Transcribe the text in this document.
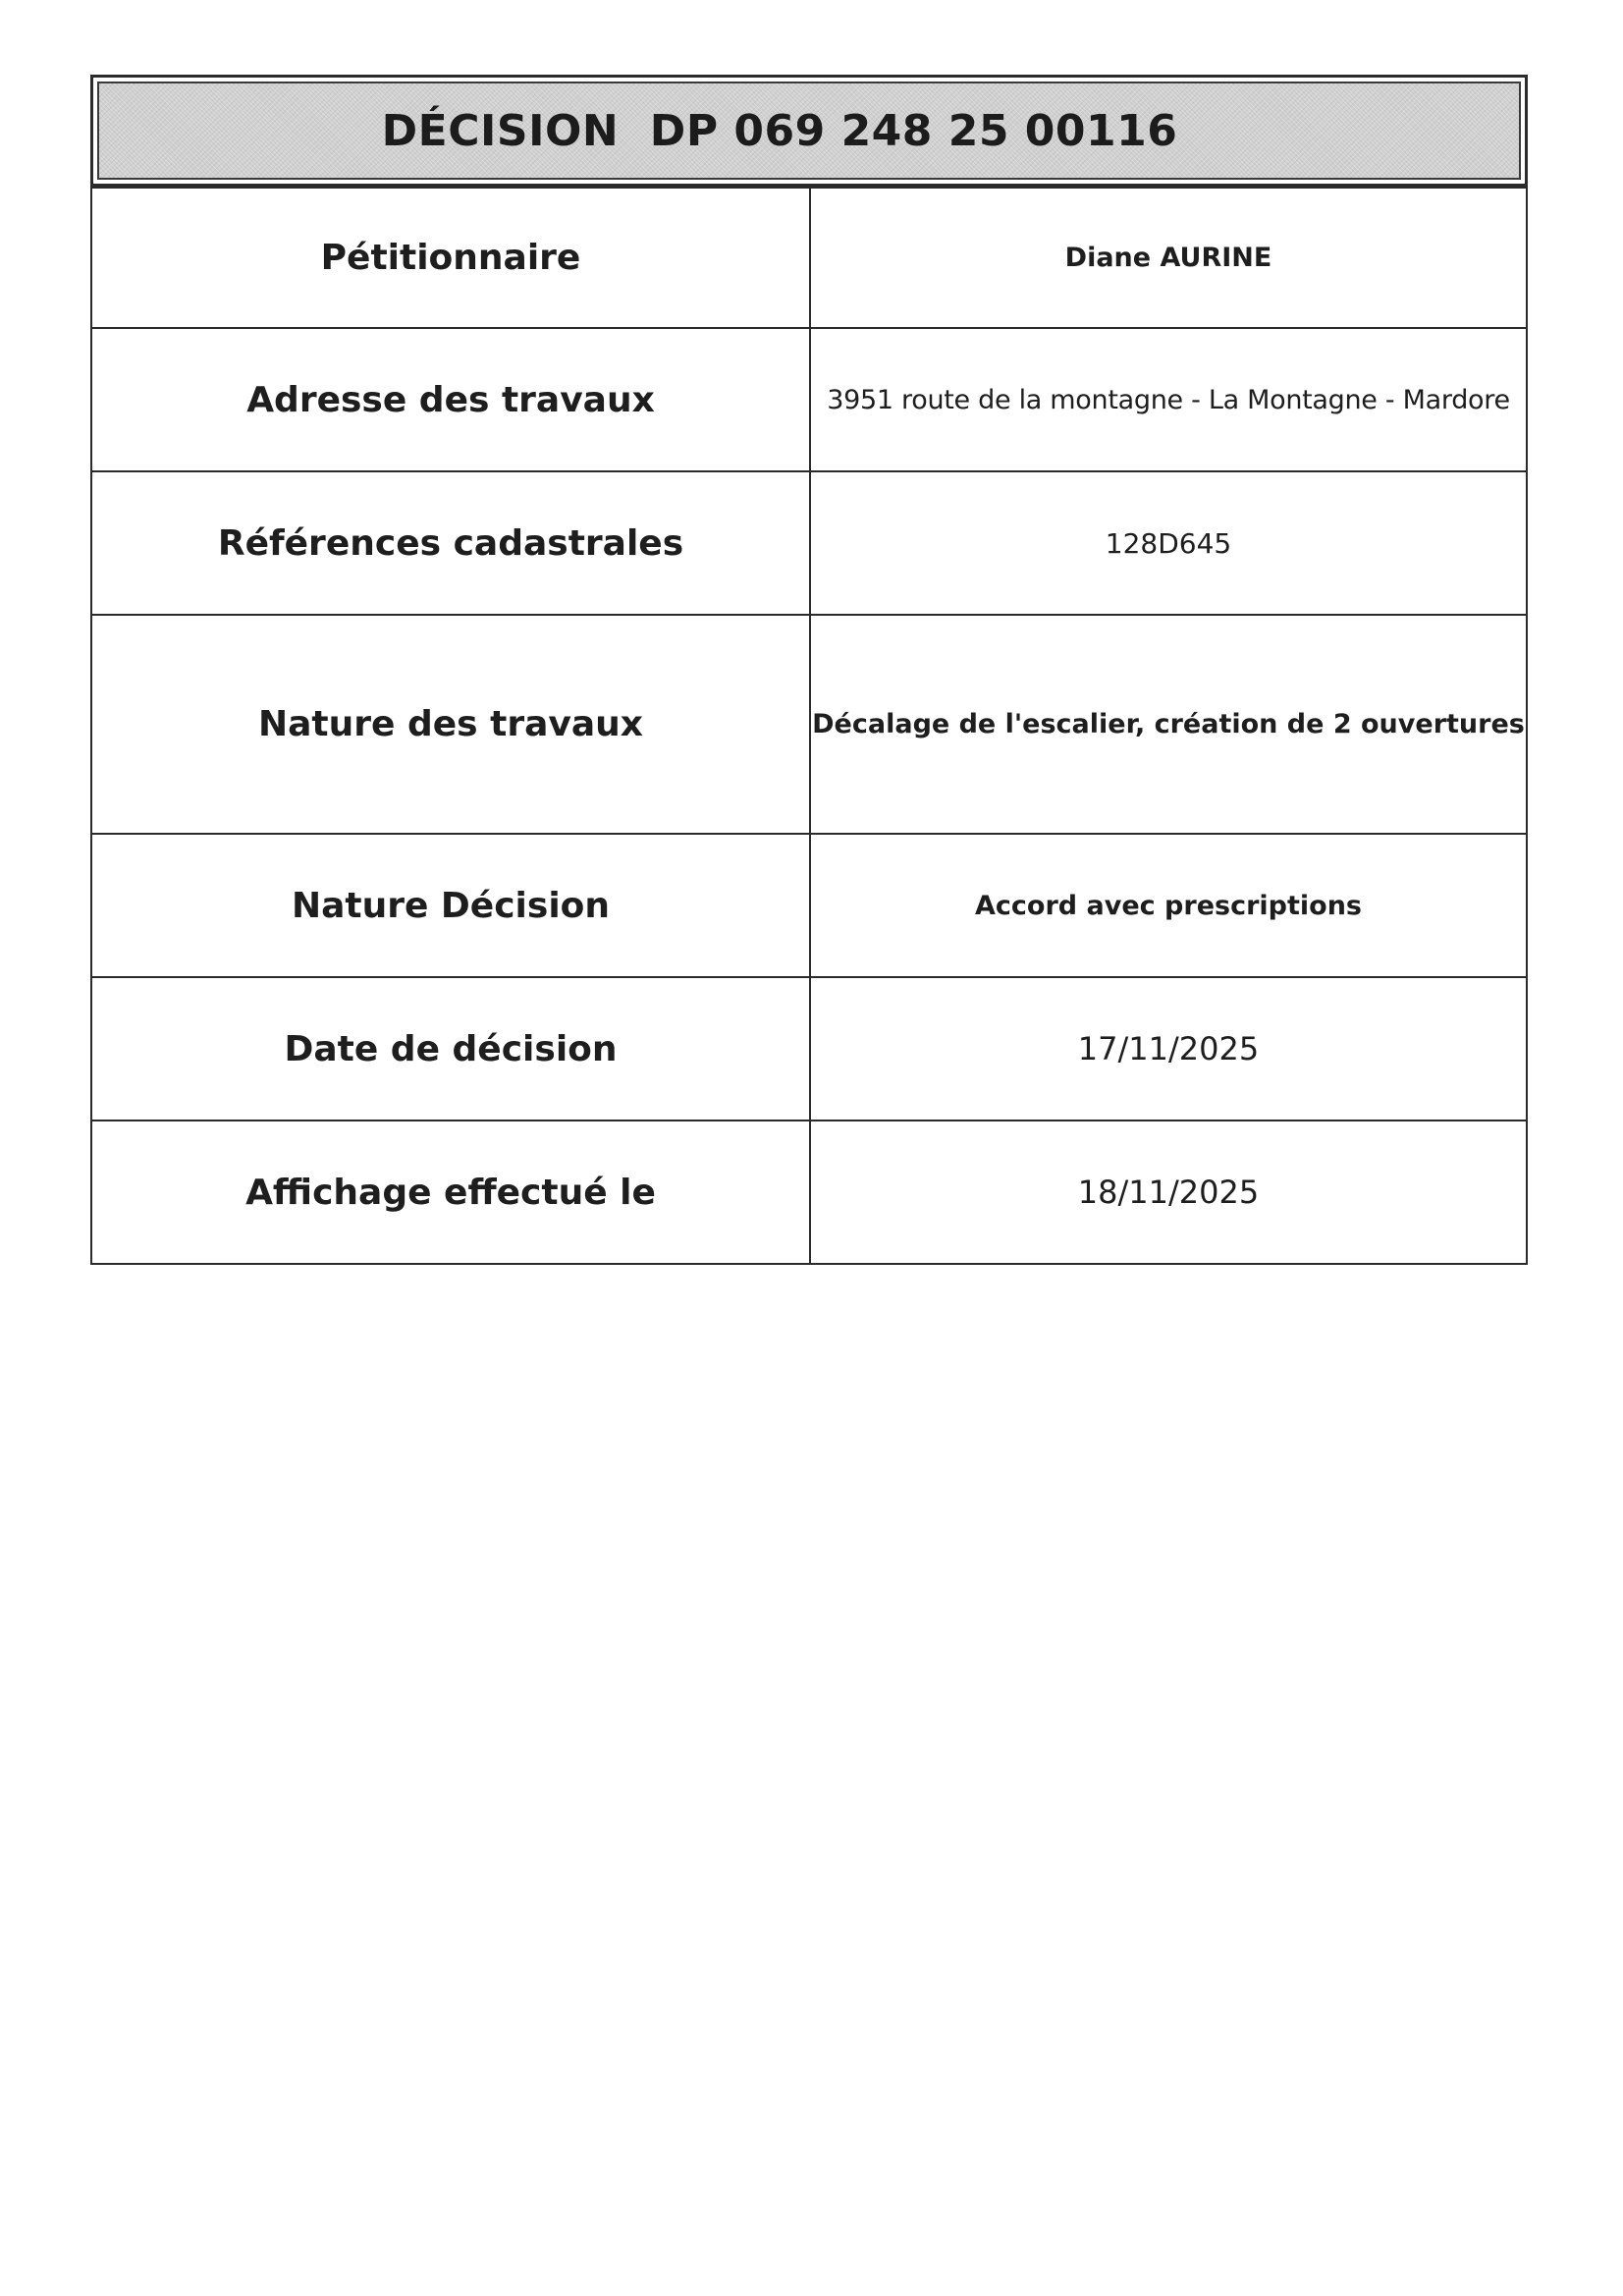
DÉCISION  DP 069 248 25 00116
Pétitionnaire	Diane AURINE
Adresse des travaux	3951 route de la montagne - La Montagne - Mardore
Références cadastrales	128D645
Nature des travaux	Décalage de l'escalier, création de 2 ouvertures
Nature Décision	Accord avec prescriptions
Date de décision	17/11/2025
Affichage effectué le	18/11/2025
